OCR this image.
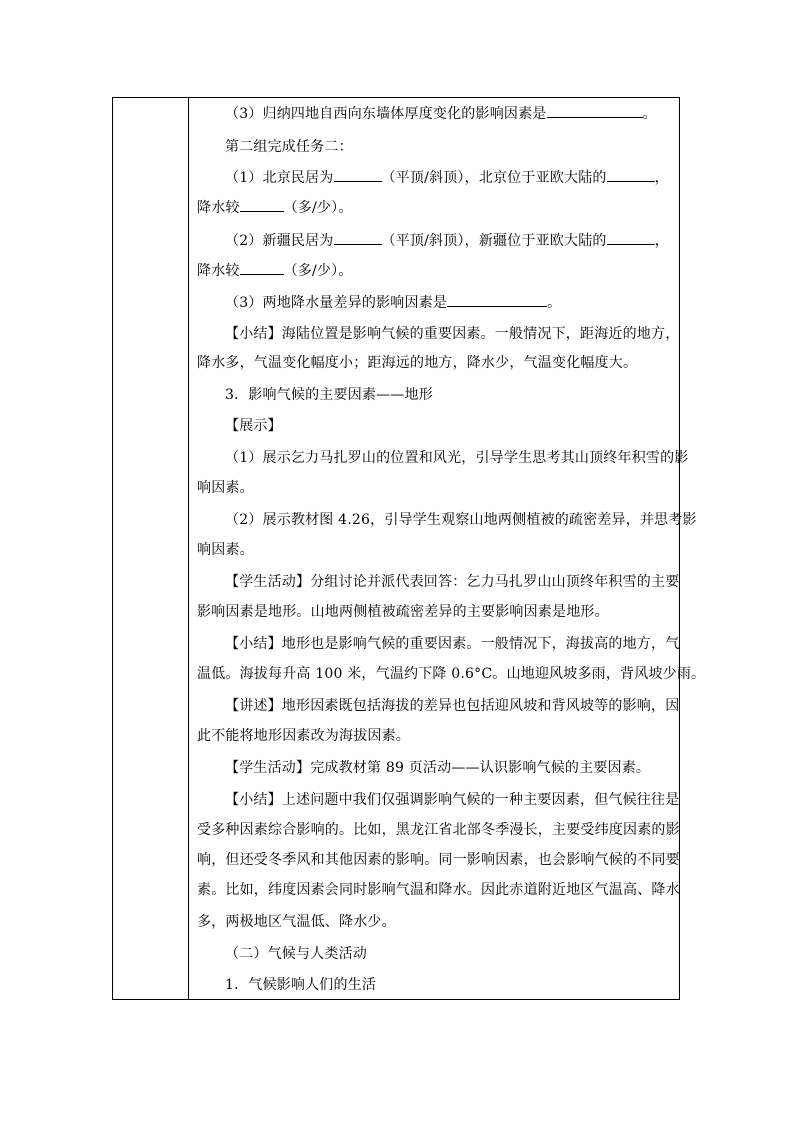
（3）归纳四地自西向东墙体厚度变化的影响因素是	。
第二组完成任务二：
（1）北京民居为	（平顶/斜顶），北京位于亚欧大陆的	，
降水较	（多/少）。
（2）新疆民居为	（平顶/斜顶），新疆位于亚欧大陆的	，
降水较	（多/少）。
（3）两地降水量差异的影响因素是	。
【小结】海陆位置是影响气候的重要因素。一般情况下，距海近的地方，
降水多，气温变化幅度小；距海远的地方，降水少，气温变化幅度大。
3．影响气候的主要因素——地形
【展示】
（1）展示乞力马扎罗山的位置和风光，引导学生思考其山顶终年积雪的影
响因素。
（2）展示教材图 4.26，引导学生观察山地两侧植被的疏密差异，并思考影
响因素。
【学生活动】分组讨论并派代表回答：乞力马扎罗山山顶终年积雪的主要
影响因素是地形。山地两侧植被疏密差异的主要影响因素是地形。
【小结】地形也是影响气候的重要因素。一般情况下，海拔高的地方，气
温低。海拔每升高 100 米，气温约下降 0.6°C。山地迎风坡多雨，背风坡少雨。
【讲述】地形因素既包括海拔的差异也包括迎风坡和背风坡等的影响，因
此不能将地形因素改为海拔因素。
【学生活动】完成教材第 89 页活动——认识影响气候的主要因素。
【小结】上述问题中我们仅强调影响气候的一种主要因素，但气候往往是
受多种因素综合影响的。比如，黑龙江省北部冬季漫长，主要受纬度因素的影
响，但还受冬季风和其他因素的影响。同一影响因素，也会影响气候的不同要
素。比如，纬度因素会同时影响气温和降水。因此赤道附近地区气温高、降水
多，两极地区气温低、降水少。
（二）气候与人类活动
1．气候影响人们的生活
